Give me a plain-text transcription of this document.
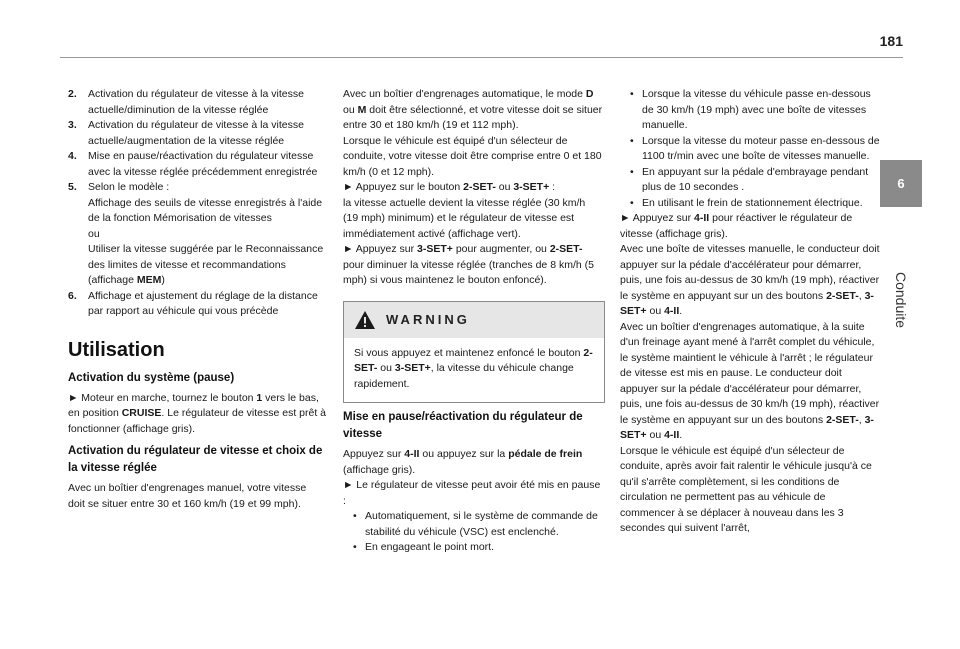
181
6
Conduite
2. Activation du régulateur de vitesse à la vitesse actuelle/diminution de la vitesse réglée
3. Activation du régulateur de vitesse à la vitesse actuelle/augmentation de la vitesse réglée
4. Mise en pause/réactivation du régulateur vitesse avec la vitesse réglée précédemment enregistrée
5. Selon le modèle :
Affichage des seuils de vitesse enregistrés à l'aide de la fonction Mémorisation de vitesses
ou
Utiliser la vitesse suggérée par le Reconnaissance des limites de vitesse et recommandations (affichage MEM)
6. Affichage et ajustement du réglage de la distance par rapport au véhicule qui vous précède
Utilisation
Activation du système (pause)

► Moteur en marche, tournez le bouton 1 vers le bas, en position CRUISE. Le régulateur de vitesse est prêt à fonctionner (affichage gris).

Activation du régulateur de vitesse et choix de la vitesse réglée

Avec un boîtier d'engrenages manuel, votre vitesse doit se situer entre 30 et 160 km/h (19 et 99 mph).

Avec un boîtier d'engrenages automatique, le mode D ou M doit être sélectionné, et votre vitesse doit se situer entre 30 et 180 km/h (19 et 112 mph).

Lorsque le véhicule est équipé d'un sélecteur de conduite, votre vitesse doit être comprise entre 0 et 180 km/h (0 et 12 mph).

► Appuyez sur le bouton 2-SET- ou 3-SET+ :

la vitesse actuelle devient la vitesse réglée (30 km/h (19 mph) minimum) et le régulateur de vitesse est immédiatement activé (affichage vert).

► Appuyez sur 3-SET+ pour augmenter, ou 2-SET- pour diminuer la vitesse réglée (tranches de 8 km/h (5 mph) si vous maintenez le bouton enfoncé).

WARNING
Si vous appuyez et maintenez enfoncé le bouton 2-SET- ou 3-SET+, la vitesse du véhicule change rapidement.
Mise en pause/réactivation du régulateur de vitesse

Appuyez sur 4-II ou appuyez sur la pédale de frein (affichage gris).

► Le régulateur de vitesse peut avoir été mis en pause :

• Automatiquement, si le système de commande de stabilité du véhicule (VSC) est enclenché.
• En engageant le point mort.
• Lorsque la vitesse du véhicule passe en-dessous de 30 km/h (19 mph) avec une boîte de vitesses manuelle.
• Lorsque la vitesse du moteur passe en-dessous de 1100 tr/min avec une boîte de vitesses manuelle.
• En appuyant sur la pédale d'embrayage pendant plus de 10 secondes .
• En utilisant le frein de stationnement électrique.

► Appuyez sur 4-II pour réactiver le régulateur de vitesse (affichage gris).

Avec une boîte de vitesses manuelle, le conducteur doit appuyer sur la pédale d'accélérateur pour démarrer, puis, une fois au-dessus de 30 km/h (19 mph), réactiver le système en appuyant sur un des boutons 2-SET-, 3-SET+ ou 4-II.

Avec un boîtier d'engrenages automatique, à la suite d'un freinage ayant mené à l'arrêt complet du véhicule, le système maintient le véhicule à l'arrêt ; le régulateur de vitesse est mis en pause. Le conducteur doit appuyer sur la pédale d'accélérateur pour démarrer, puis, une fois au-dessus de 30 km/h (19 mph), réactiver le système en appuyant sur un des boutons 2-SET-, 3-SET+ ou 4-II.

Lorsque le véhicule est équipé d'un sélecteur de conduite, après avoir fait ralentir le véhicule jusqu'à ce qu'il s'arrête complètement, si les conditions de circulation ne permettent pas au véhicule de commencer à se déplacer à nouveau dans les 3 secondes qui suivent l'arrêt,
